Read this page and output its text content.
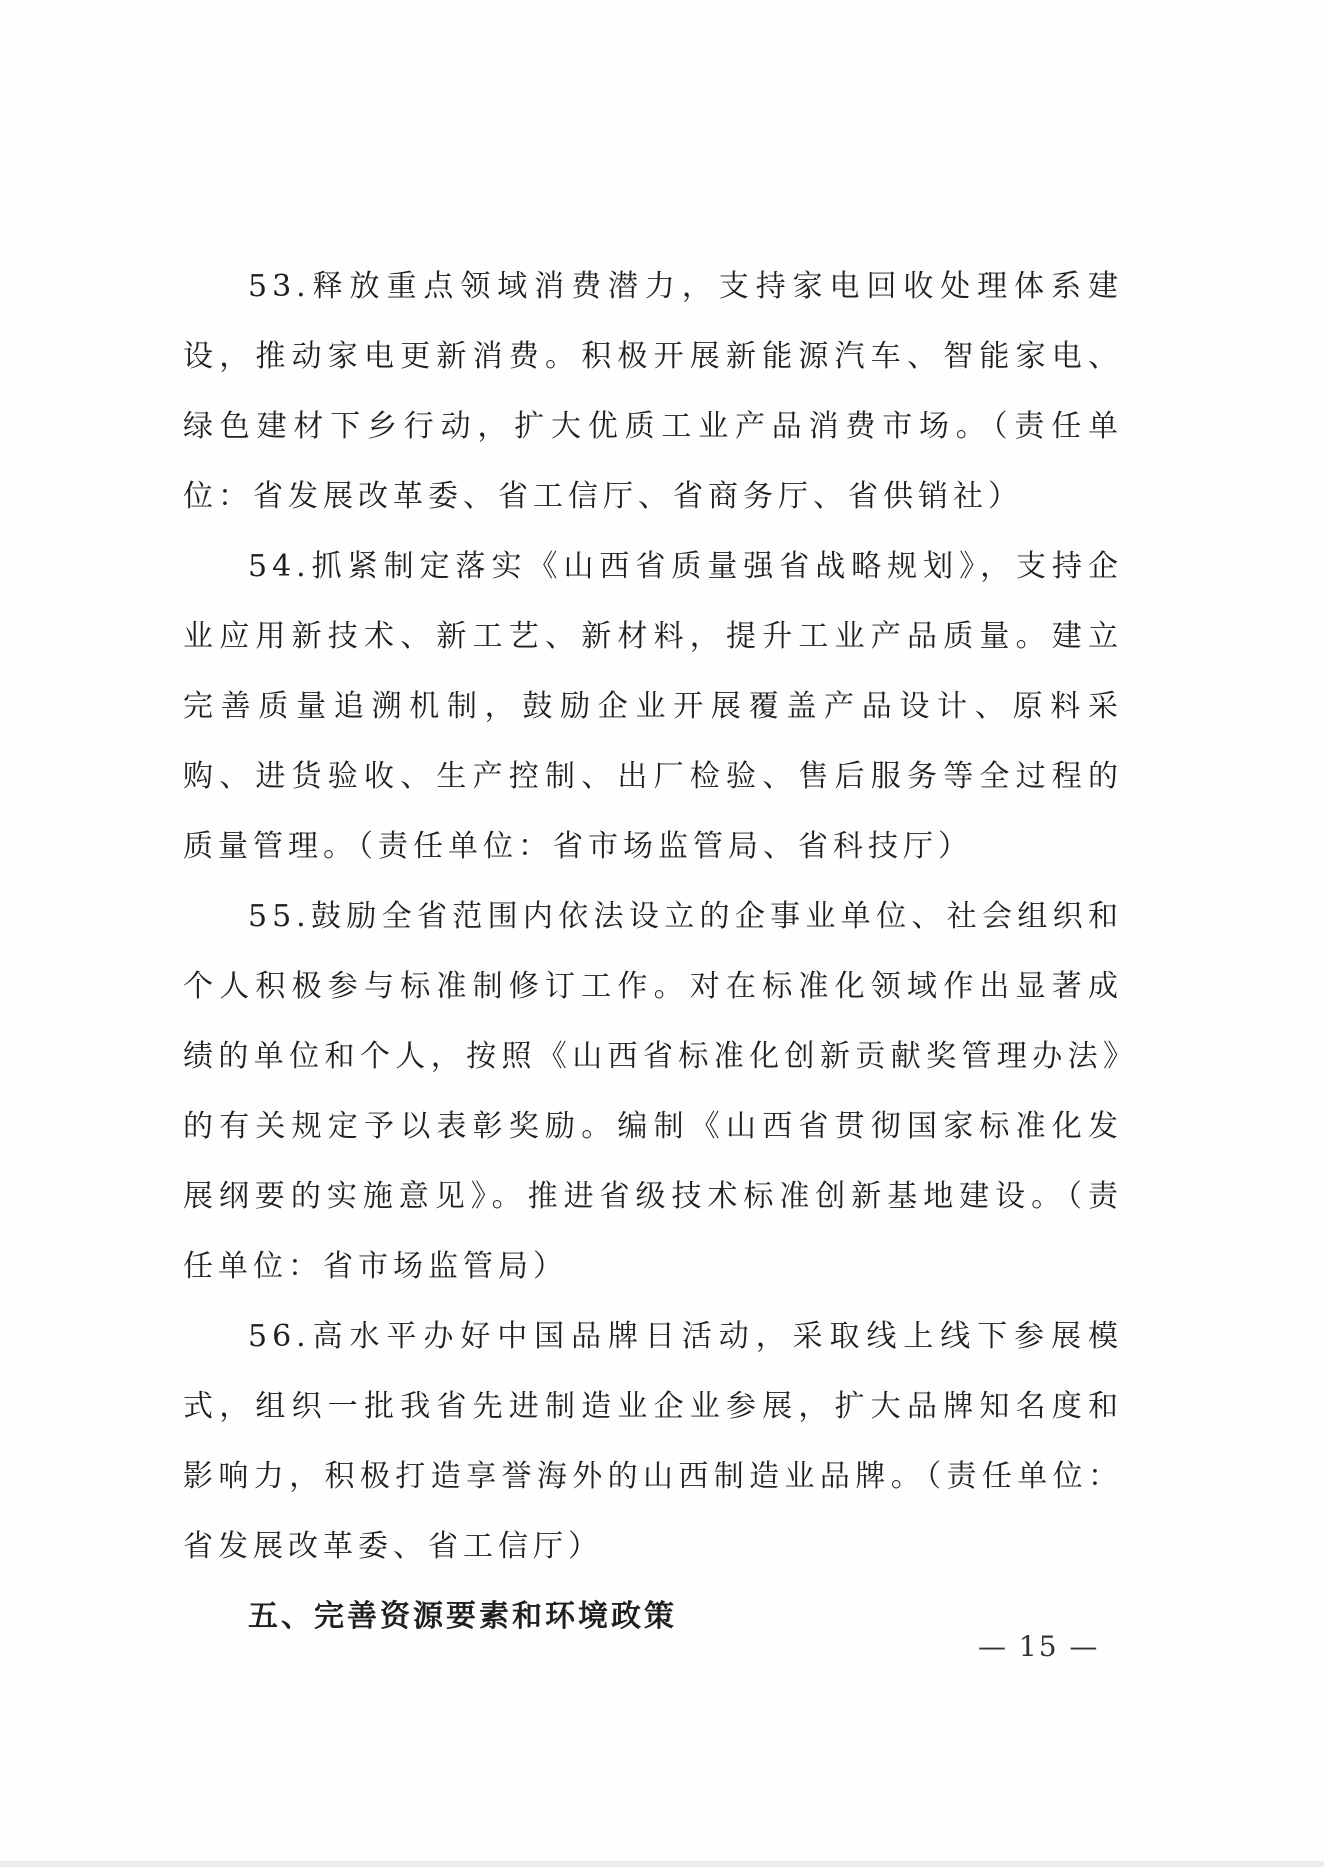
53.释放重点领域消费潜力，支持家电回收处理体系建设，推动家电更新消费。积极开展新能源汽车、智能家电、绿色建材下乡行动，扩大优质工业产品消费市场。（责任单位：省发展改革委、省工信厅、省商务厅、省供销社）

54.抓紧制定落实《山西省质量强省战略规划》，支持企业应用新技术、新工艺、新材料，提升工业产品质量。建立完善质量追溯机制，鼓励企业开展覆盖产品设计、原料采购、进货验收、生产控制、出厂检验、售后服务等全过程的质量管理。（责任单位：省市场监管局、省科技厅）

55.鼓励全省范围内依法设立的企事业单位、社会组织和个人积极参与标准制修订工作。对在标准化领域作出显著成绩的单位和个人，按照《山西省标准化创新贡献奖管理办法》的有关规定予以表彰奖励。编制《山西省贯彻国家标准化发展纲要的实施意见》。推进省级技术标准创新基地建设。（责任单位：省市场监管局）

56.高水平办好中国品牌日活动，采取线上线下参展模式，组织一批我省先进制造业企业参展，扩大品牌知名度和影响力，积极打造享誉海外的山西制造业品牌。（责任单位：省发展改革委、省工信厅）

五、完善资源要素和环境政策

— 15 —
